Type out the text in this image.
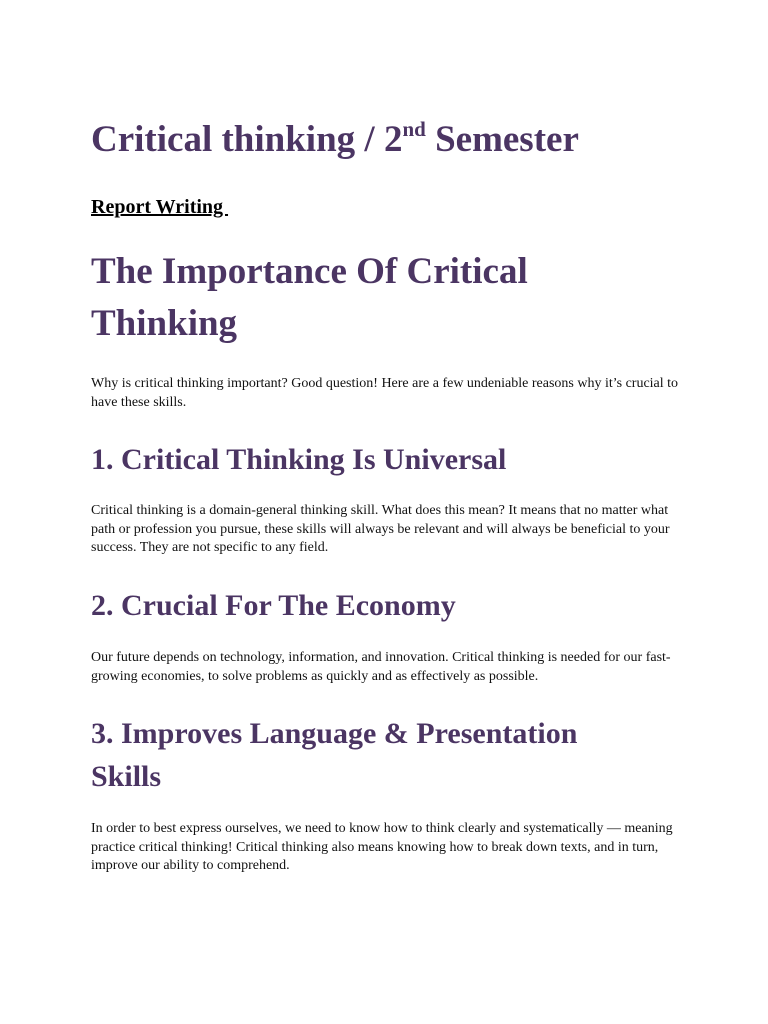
Critical thinking / 2nd Semester

Report Writing

The Importance Of Critical Thinking

Why is critical thinking important? Good question! Here are a few undeniable reasons why it’s crucial to have these skills.

1. Critical Thinking Is Universal

Critical thinking is a domain-general thinking skill. What does this mean? It means that no matter what path or profession you pursue, these skills will always be relevant and will always be beneficial to your success. They are not specific to any field.

2. Crucial For The Economy

Our future depends on technology, information, and innovation. Critical thinking is needed for our fast-growing economies, to solve problems as quickly and as effectively as possible.

3. Improves Language & Presentation Skills

In order to best express ourselves, we need to know how to think clearly and systematically — meaning practice critical thinking! Critical thinking also means knowing how to break down texts, and in turn, improve our ability to comprehend.
